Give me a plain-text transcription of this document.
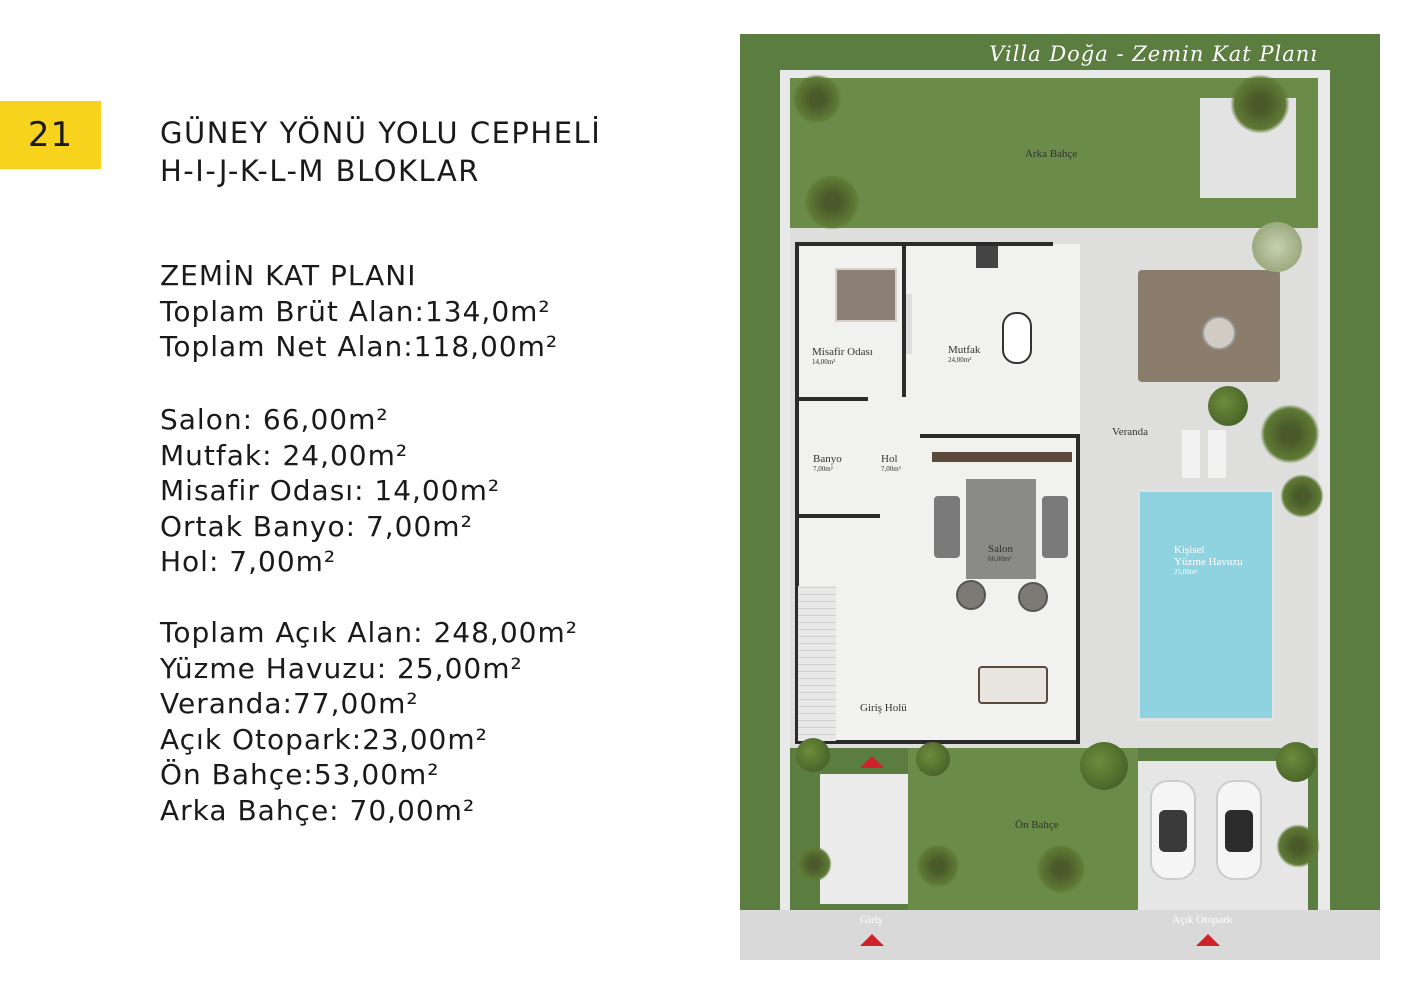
21	GÜNEY YÖNÜ YOLU CEPHELİ
H-I-J-K-L-M BLOKLAR
ZEMİN KAT PLANI
Toplam Brüt Alan:134,0m²
Toplam Net Alan:118,00m²
Salon: 66,00m²
Mutfak: 24,00m²
Misafir Odası: 14,00m²
Ortak Banyo: 7,00m²
Hol: 7,00m²
Toplam Açık Alan: 248,00m²
Yüzme Havuzu: 25,00m²
Veranda:77,00m²
Açık Otopark:23,00m²
Ön Bahçe:53,00m²
Arka Bahçe: 70,00m²
Arka Bahçe
Veranda
Misafir Odası
14,00m²
Mutfak
24,00m²
Banyo
7,00m²
Hol
7,00m²
Salon
66,00m²
Giriş Holü
Kişisel
Yüzme Havuzu
25,00m²
Ön Bahçe
Giriş	Açık Otopark
Villa Doğa - Zemin Kat Planı
